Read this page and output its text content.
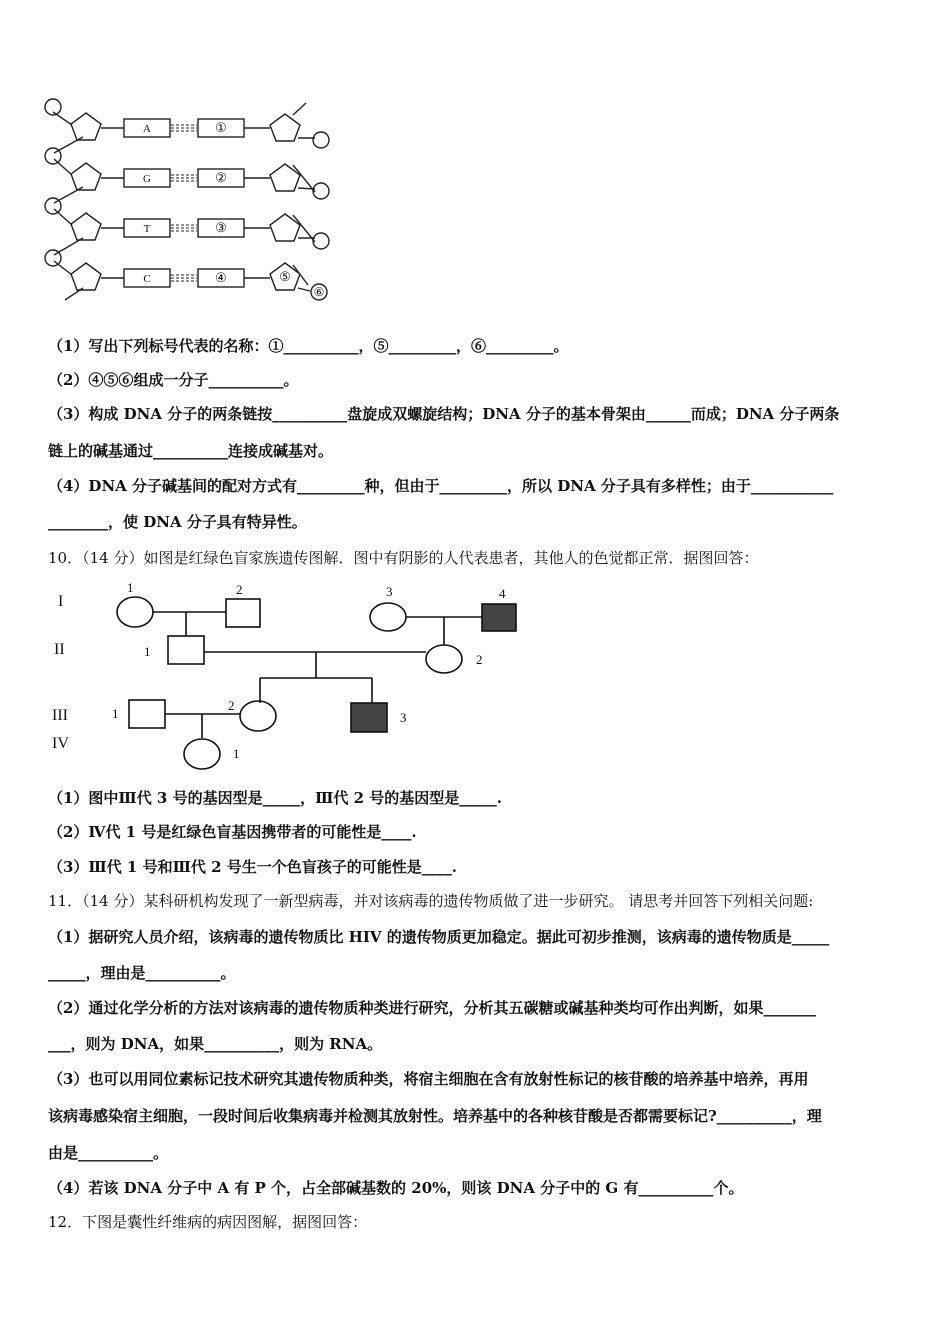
A
G
T
C
①
②
③
④	⑤
⑥
（1）写出下列标号代表的名称：①__________，⑤_________，⑥_________。
（2）④⑤⑥组成一分子__________。
（3）构成 DNA 分子的两条链按__________盘旋成双螺旋结构；DNA 分子的基本骨架由______而成；DNA 分子两条
链上的碱基通过__________连接成碱基对。
（4）DNA 分子碱基间的配对方式有_________种，但由于_________，所以 DNA 分子具有多样性；由于___________
________，使 DNA 分子具有特异性。
10．（14 分）如图是红绿色盲家族遗传图解．图中有阴影的人代表患者，其他人的色觉都正常．据图回答：
I
II
III
IV
1	2	3	4
1
2
1
2
3
1
（1）图中Ⅲ代 3 号的基因型是_____，Ⅲ代 2 号的基因型是_____.
（2）Ⅳ代 1 号是红绿色盲基因携带者的可能性是____.
（3）Ⅲ代 1 号和Ⅲ代 2 号生一个色盲孩子的可能性是____.
11．（14 分）某科研机构发现了一新型病毒，并对该病毒的遗传物质做了进一步研究。 请思考并回答下列相关问题:
（1）据研究人员介绍，该病毒的遗传物质比 HIV 的遗传物质更加稳定。据此可初步推测，该病毒的遗传物质是_____
_____，理由是__________。
（2）通过化学分析的方法对该病毒的遗传物质种类进行研究，分析其五碳糖或碱基种类均可作出判断，如果_______
___，则为 DNA，如果__________，则为 RNA。
（3）也可以用同位素标记技术研究其遗传物质种类，将宿主细胞在含有放射性标记的核苷酸的培养基中培养，再用
该病毒感染宿主细胞，一段时间后收集病毒并检测其放射性。培养基中的各种核苷酸是否都需要标记?__________，理
由是__________。
（4）若该 DNA 分子中 A 有 P 个，占全部碱基数的 20%，则该 DNA 分子中的 G 有__________个。
12．下图是囊性纤维病的病因图解，据图回答：
